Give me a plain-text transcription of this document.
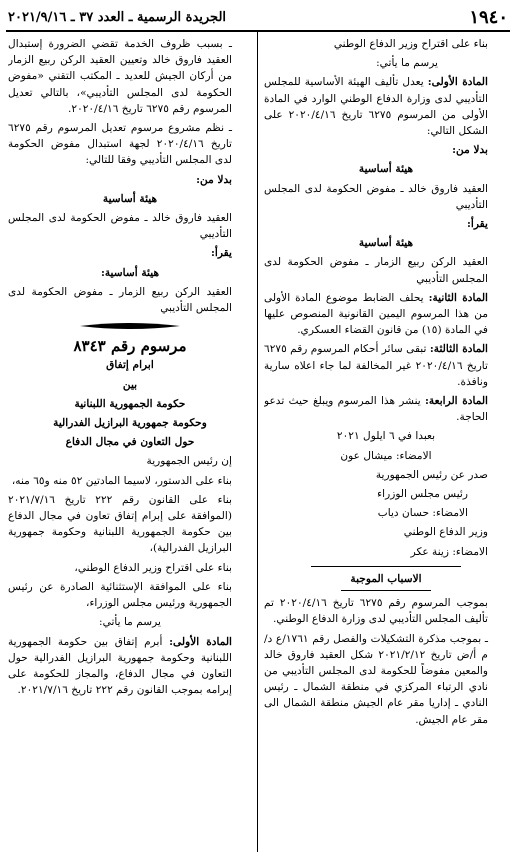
١٩٤٠
الجريدة الرسمية ـ العدد ٣٧ ـ ٢٠٢١/٩/١٦

بناء على اقتراح وزير الدفاع الوطني

يرسم ما يأتي:

المادة الأولى: يعدل تأليف الهيئة الأساسية للمجلس التأديبي لدى وزارة الدفاع الوطني الوارد في المادة الأولى من المرسوم ٦٢٧٥ تاريخ ٢٠٢٠/٤/١٦ على الشكل التالي:

بدلا من:

هيئة أساسية

العقيد فاروق خالد ـ مفوض الحكومة لدى المجلس التأديبي

يقرأ:

هيئة أساسية

العقيد الركن ربيع الزمار ـ مفوض الحكومة لدى المجلس التأديبي

المادة الثانية: يحلف الضابط موضوع المادة الأولى من هذا المرسوم اليمين القانونية المنصوص عليها في المادة (١٥) من قانون القضاء العسكري.

المادة الثالثة: تبقى سائر أحكام المرسوم رقم ٦٢٧٥ تاريخ ٢٠٢٠/٤/١٦ غير المخالفة لما جاء اعلاه سارية ونافذة.

المادة الرابعة: ينشر هذا المرسوم ويبلغ حيث تدعو الحاجة.

بعبدا في ٦ ايلول ٢٠٢١

الامضاء: ميشال عون

صدر عن رئيس الجمهورية

رئيس مجلس الوزراء

الامضاء: حسان دياب

وزير الدفاع الوطني

الامضاء: زينة عكر

الاسباب الموجبة

بموجب المرسوم رقم ٦٢٧٥ تاريخ ٢٠٢٠/٤/١٦ تم تأليف المجلس التأديبي لدى وزارة الدفاع الوطني.

ـ بموجب مذكرة التشكيلات والفصل رقم ١٧٦١/ع د/م أ/ض تاريخ ٢٠٢١/٢/١٢ شكل العقيد فاروق خالد والمعين مفوضاً للحكومة لدى المجلس التأديبي من نادي الرتباء المركزي في منطقة الشمال ـ رئيس النادي ـ إداريا مقر عام الجيش منطقة الشمال الى مقر عام الجيش.

ـ بسبب ظروف الخدمة تقضي الضرورة إستبدال العقيد فاروق خالد وتعيين العقيد الركن ربيع الزمار من أركان الجيش للعديد ـ المكتب التقني «مفوض الحكومة لدى المجلس التأديبي»، بالتالي تعديل المرسوم رقم ٦٢٧٥ تاريخ ٢٠٢٠/٤/١٦.

ـ نظم مشروع مرسوم تعديل المرسوم رقم ٦٢٧٥ تاريخ ٢٠٢٠/٤/١٦ لجهة استبدال مفوض الحكومة لدى المجلس التأديبي وفقا للتالي:

بدلا من:

هيئة أساسية

العقيد فاروق خالد ـ مفوض الحكومة لدى المجلس التأديبي

يقرأ:

هيئة أساسية:

العقيد الركن ربيع الزمار ـ مفوض الحكومة لدى المجلس التأديبي

مرسوم رقم ٨٣٤٣

ابرام إتفاق

بين

حكومة الجمهورية اللبنانية

وحكومة جمهورية البرازيل الفدرالية

حول التعاون في مجال الدفاع

إن رئيس الجمهورية

بناء على الدستور، لاسيما المادتين ٥٢ منه و٦٥ منه،

بناء على القانون رقم ٢٢٢ تاريخ ٢٠٢١/٧/١٦ (الموافقة على إبرام إتفاق تعاون في مجال الدفاع بين حكومة الجمهورية اللبنانية وحكومة جمهورية البرازيل الفدرالية)،

بناء على اقتراح وزير الدفاع الوطني،

بناء على الموافقة الإستثنائية الصادرة عن رئيس الجمهورية ورئيس مجلس الوزراء،

يرسم ما يأتي:

المادة الأولى: أبرم إتفاق بين حكومة الجمهورية اللبنانية وحكومة جمهورية البرازيل الفدرالية حول التعاون في مجال الدفاع، والمجاز للحكومة على إبرامه بموجب القانون رقم ٢٢٢ تاريخ ٢٠٢١/٧/١٦.
